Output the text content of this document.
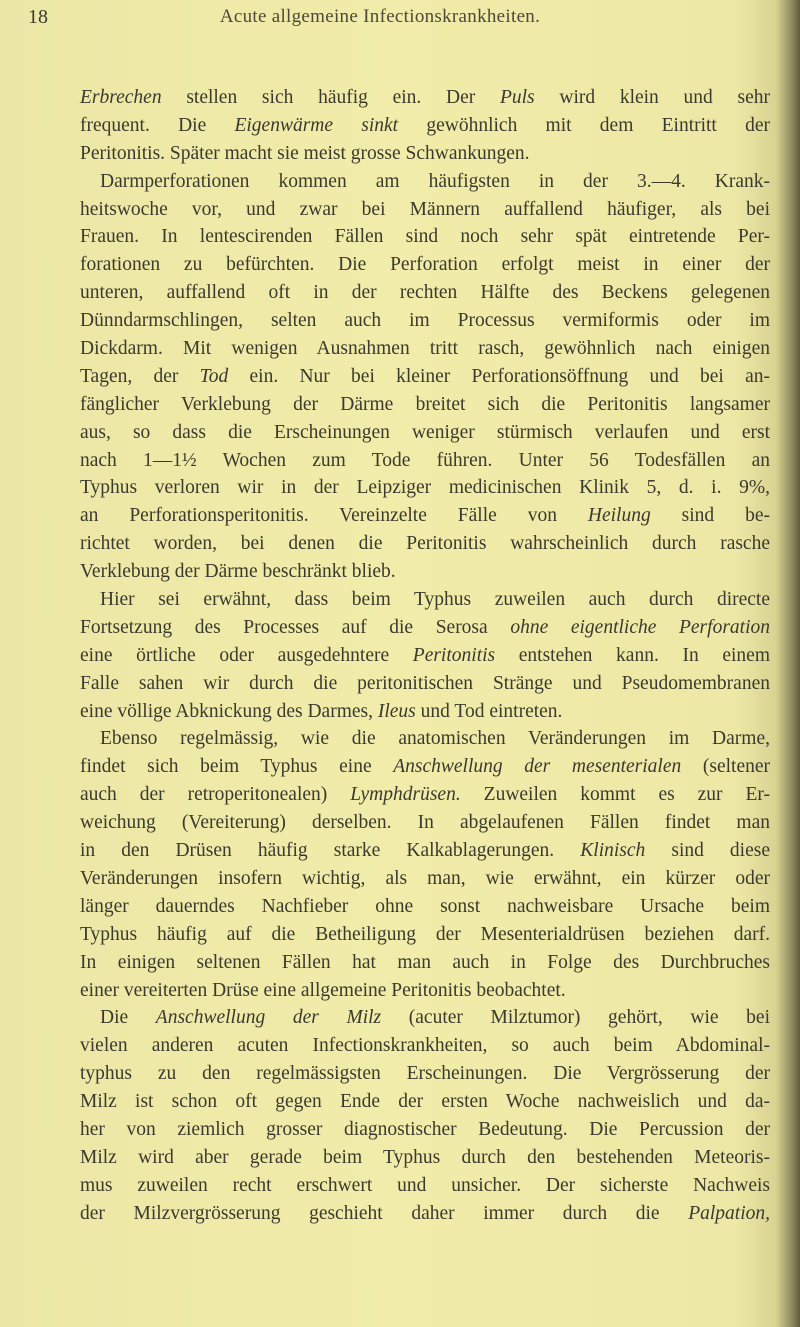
18	Acute allgemeine Infectionskrankheiten.
Erbrechen stellen sich häufig ein. Der Puls wird klein und sehr
frequent. Die Eigenwärme sinkt gewöhnlich mit dem Eintritt der
Peritonitis. Später macht sie meist grosse Schwankungen.
Darmperforationen kommen am häufigsten in der 3.—4. Krank-
heitswoche vor, und zwar bei Männern auffallend häufiger, als bei
Frauen. In lentescirenden Fällen sind noch sehr spät eintretende Per-
forationen zu befürchten. Die Perforation erfolgt meist in einer der
unteren, auffallend oft in der rechten Hälfte des Beckens gelegenen
Dünndarmschlingen, selten auch im Processus vermiformis oder im
Dickdarm. Mit wenigen Ausnahmen tritt rasch, gewöhnlich nach einigen
Tagen, der Tod ein. Nur bei kleiner Perforationsöffnung und bei an-
fänglicher Verklebung der Därme breitet sich die Peritonitis langsamer
aus, so dass die Erscheinungen weniger stürmisch verlaufen und erst
nach 1—1½ Wochen zum Tode führen. Unter 56 Todesfällen an
Typhus verloren wir in der Leipziger medicinischen Klinik 5, d. i. 9%,
an Perforationsperitonitis. Vereinzelte Fälle von Heilung sind be-
richtet worden, bei denen die Peritonitis wahrscheinlich durch rasche
Verklebung der Därme beschränkt blieb.
Hier sei erwähnt, dass beim Typhus zuweilen auch durch directe
Fortsetzung des Processes auf die Serosa ohne eigentliche Perforation
eine örtliche oder ausgedehntere Peritonitis entstehen kann. In einem
Falle sahen wir durch die peritonitischen Stränge und Pseudomembranen
eine völlige Abknickung des Darmes, Ileus und Tod eintreten.
Ebenso regelmässig, wie die anatomischen Veränderungen im Darme,
findet sich beim Typhus eine Anschwellung der mesenterialen (seltener
auch der retroperitonealen) Lymphdrüsen. Zuweilen kommt es zur Er-
weichung (Vereiterung) derselben. In abgelaufenen Fällen findet man
in den Drüsen häufig starke Kalkablagerungen. Klinisch sind diese
Veränderungen insofern wichtig, als man, wie erwähnt, ein kürzer oder
länger dauerndes Nachfieber ohne sonst nachweisbare Ursache beim
Typhus häufig auf die Betheiligung der Mesenterialdrüsen beziehen darf.
In einigen seltenen Fällen hat man auch in Folge des Durchbruches
einer vereiterten Drüse eine allgemeine Peritonitis beobachtet.
Die Anschwellung der Milz (acuter Milztumor) gehört, wie bei
vielen anderen acuten Infectionskrankheiten, so auch beim Abdominal-
typhus zu den regelmässigsten Erscheinungen. Die Vergrösserung der
Milz ist schon oft gegen Ende der ersten Woche nachweislich und da-
her von ziemlich grosser diagnostischer Bedeutung. Die Percussion der
Milz wird aber gerade beim Typhus durch den bestehenden Meteoris-
mus zuweilen recht erschwert und unsicher. Der sicherste Nachweis
der Milzvergrösserung geschieht daher immer durch die Palpation,
